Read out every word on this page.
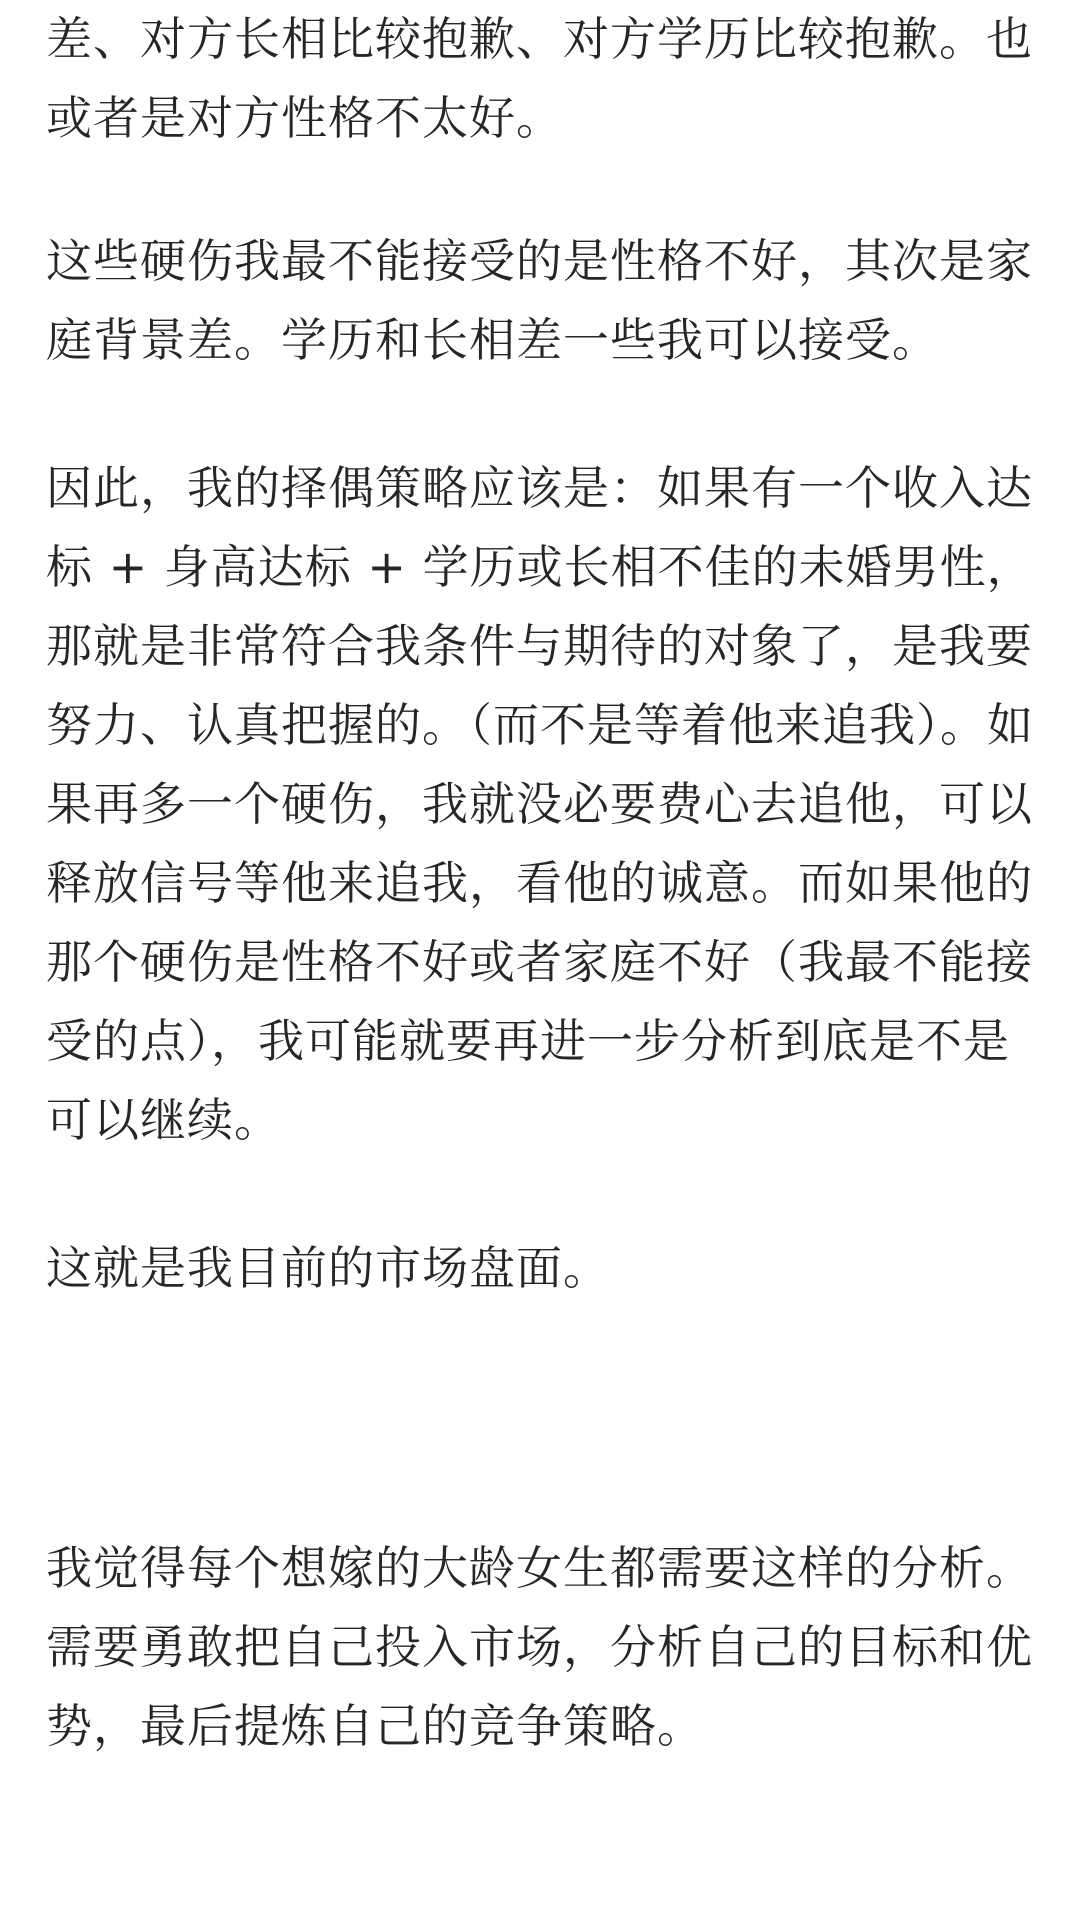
差、对方长相比较抱歉、对方学历比较抱歉。也或者是对方性格不太好。

这些硬伤我最不能接受的是性格不好，其次是家庭背景差。学历和长相差一些我可以接受。

因此，我的择偶策略应该是：如果有一个收入达标 + 身高达标 + 学历或长相不佳的未婚男性，那就是非常符合我条件与期待的对象了，是我要努力、认真把握的。（而不是等着他来追我）。如果再多一个硬伤，我就没必要费心去追他，可以释放信号等他来追我，看他的诚意。而如果他的那个硬伤是性格不好或者家庭不好（我最不能接受的点），我可能就要再进一步分析到底是不是可以继续。

这就是我目前的市场盘面。

我觉得每个想嫁的大龄女生都需要这样的分析。需要勇敢把自己投入市场，分析自己的目标和优势，最后提炼自己的竞争策略。
